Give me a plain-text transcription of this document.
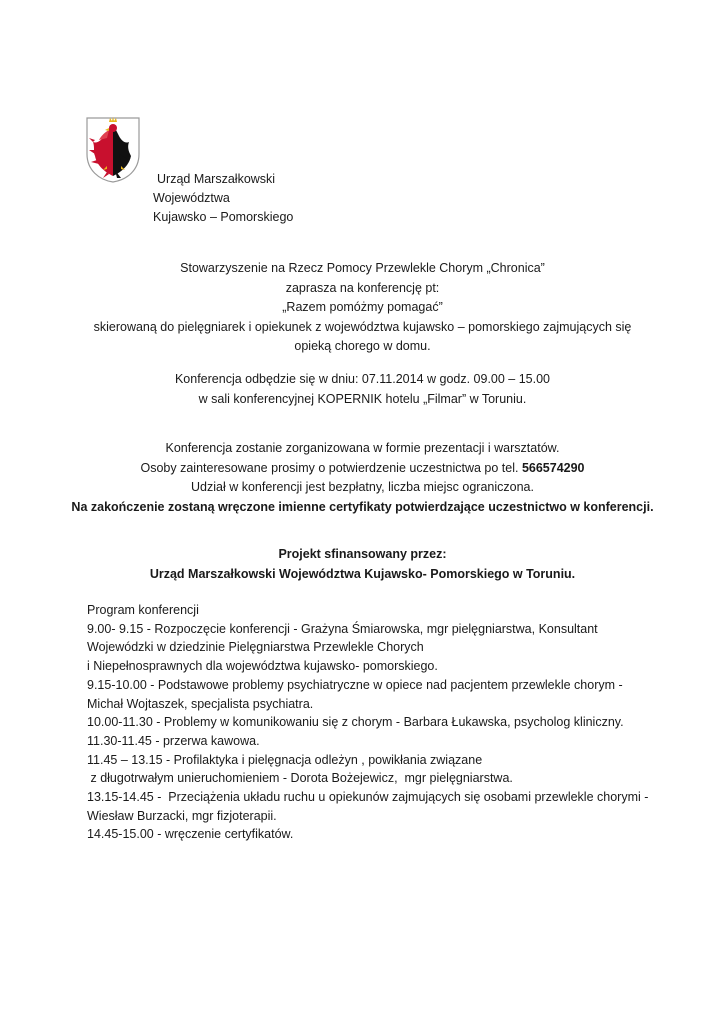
Urząd Marszałkowski
Województwa
Kujawsko – Pomorskiego
Stowarzyszenie na Rzecz Pomocy Przewlekle Chorym „Chronica”
zaprasza na konferencję pt:
„Razem pomóżmy pomagać”
skierowaną do pielęgniarek i opiekunek z województwa kujawsko – pomorskiego zajmujących się
opieką chorego w domu.
Konferencja odbędzie się w dniu: 07.11.2014 w godz. 09.00 – 15.00
w sali konferencyjnej KOPERNIK hotelu „Filmar” w Toruniu.
Konferencja zostanie zorganizowana w formie prezentacji i warsztatów.
Osoby zainteresowane prosimy o potwierdzenie uczestnictwa po tel. 566574290
Udział w konferencji jest bezpłatny, liczba miejsc ograniczona.
Na zakończenie zostaną wręczone imienne certyfikaty potwierdzające uczestnictwo w konferencji.
Projekt sfinansowany przez:
Urząd Marszałkowski Województwa Kujawsko- Pomorskiego w Toruniu.
Program konferencji
9.00- 9.15 - Rozpoczęcie konferencji - Grażyna Śmiarowska, mgr pielęgniarstwa, Konsultant
Wojewódzki w dziedzinie Pielęgniarstwa Przewlekle Chorych
i Niepełnosprawnych dla województwa kujawsko- pomorskiego.
9.15-10.00 - Podstawowe problemy psychiatryczne w opiece nad pacjentem przewlekle chorym -
Michał Wojtaszek, specjalista psychiatra.
10.00-11.30 - Problemy w komunikowaniu się z chorym - Barbara Łukawska, psycholog kliniczny.
11.30-11.45 - przerwa kawowa.
11.45 – 13.15 - Profilaktyka i pielęgnacja odleżyn , powikłania związane
z długotrwałym unieruchomieniem - Dorota Bożejewicz,  mgr pielęgniarstwa.
13.15-14.45 -  Przeciążenia układu ruchu u opiekunów zajmujących się osobami przewlekle chorymi -
Wiesław Burzacki, mgr fizjoterapii.
14.45-15.00 - wręczenie certyfikatów.
